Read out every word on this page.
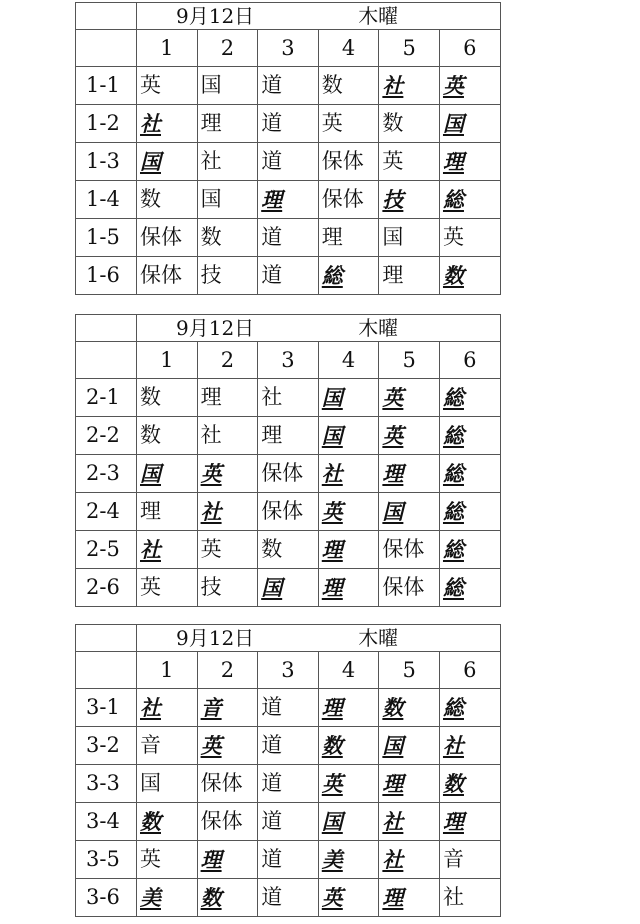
	9月12日 木曜					
	1	2	3	4	5	6
1-1	英	国	道	数	社	英
1-2	社	理	道	英	数	国
1-3	国	社	道	保体	英	理
1-4	数	国	理	保体	技	総
1-5	保体	数	道	理	国	英
1-6	保体	技	道	総	理	数
	9月12日 木曜					
	1	2	3	4	5	6
2-1	数	理	社	国	英	総
2-2	数	社	理	国	英	総
2-3	国	英	保体	社	理	総
2-4	理	社	保体	英	国	総
2-5	社	英	数	理	保体	総
2-6	英	技	国	理	保体	総
	9月12日 木曜					
	1	2	3	4	5	6
3-1	社	音	道	理	数	総
3-2	音	英	道	数	国	社
3-3	国	保体	道	英	理	数
3-4	数	保体	道	国	社	理
3-5	英	理	道	美	社	音
3-6	美	数	道	英	理	社
